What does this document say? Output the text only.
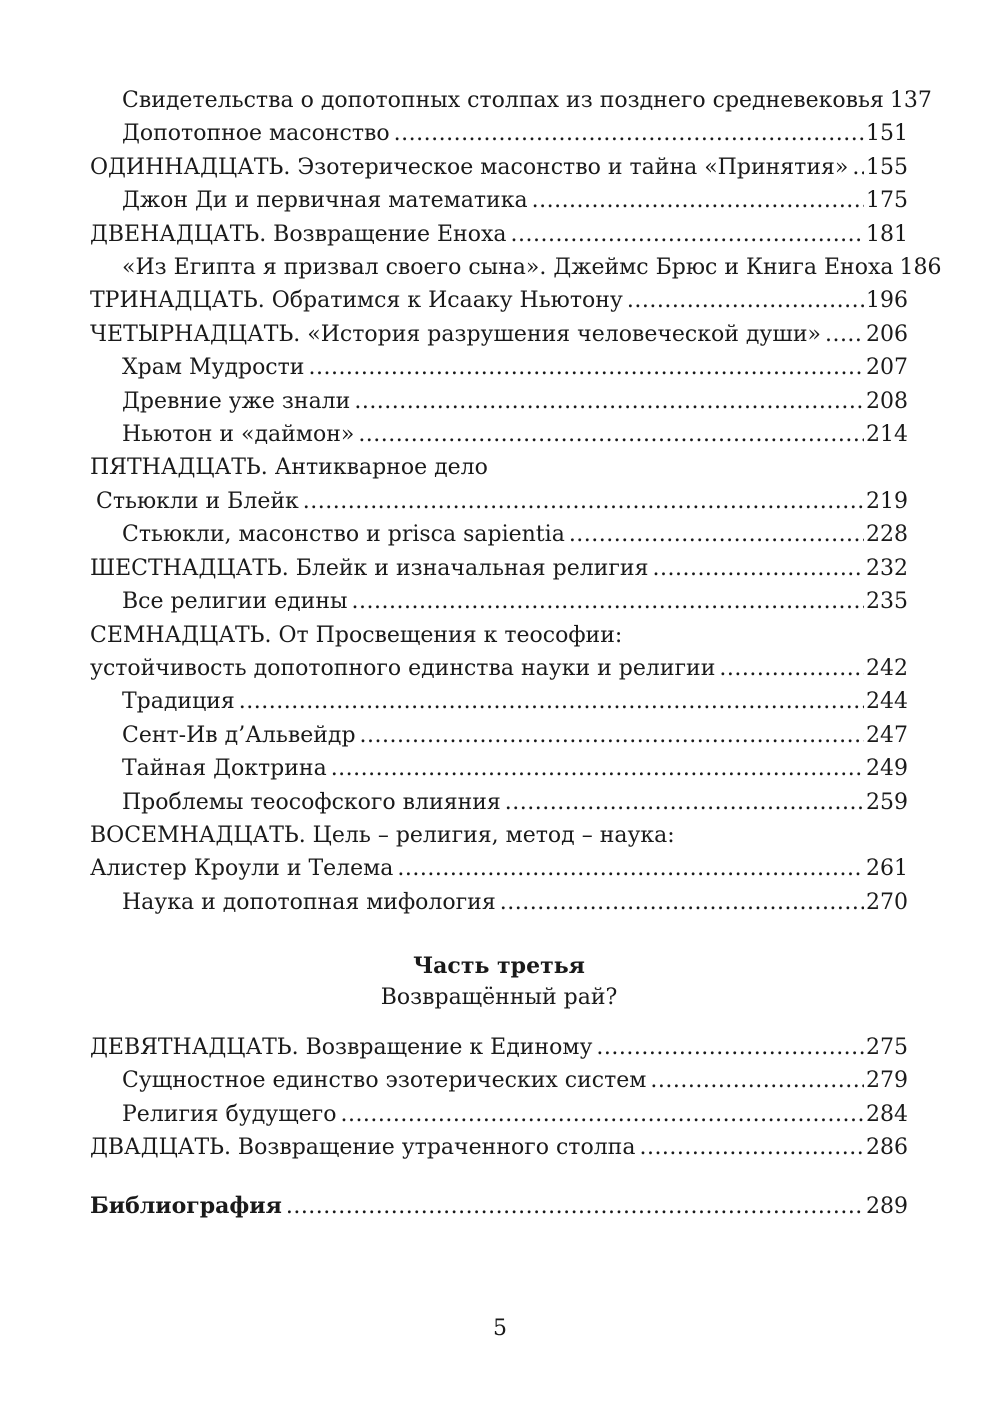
Свидетельства о допотопных столпах из позднего средневековья 137
Допотопное масонство .....	151
ОДИННАДЦАТЬ. Эзотерическое масонство и тайна «Принятия» ..... 155
Джон Ди и первичная математика .....	175
ДВЕНАДЦАТЬ. Возвращение Еноха .....	181
«Из Египта я призвал своего сына». Джеймс Брюс и Книга Еноха 186
ТРИНАДЦАТЬ. Обратимся к Исааку Ньютону .....	196
ЧЕТЫРНАДЦАТЬ. «История разрушения человеческой души» ..... 206
Храм Мудрости .....	207
Древние уже знали .....	208
Ньютон и «даймон» .....	214
ПЯТНАДЦАТЬ. Антикварное дело
Стьюкли и Блейк .....	219
Стьюкли, масонство и prisca sapientia .....	228
ШЕСТНАДЦАТЬ. Блейк и изначальная религия .....	232
Все религии едины .....	235
СЕМНАДЦАТЬ. От Просвещения к теософии:
устойчивость допотопного единства науки и религии .....	242
Традиция .....	244
Сент-Ив д’Альвейдр .....	247
Тайная Доктрина .....	249
Проблемы теософского влияния .....	259
ВОСЕМНАДЦАТЬ. Цель – религия, метод – наука:
Алистер Кроули и Телема .....	261
Наука и допотопная мифология .....	270
Часть третья
Возвращённый рай?
ДЕВЯТНАДЦАТЬ. Возвращение к Единому .....	275
Сущностное единство эзотерических систем .....	279
Религия будущего .....	284
ДВАДЦАТЬ. Возвращение утраченного столпа .....	286
Библиография .....	289
5
